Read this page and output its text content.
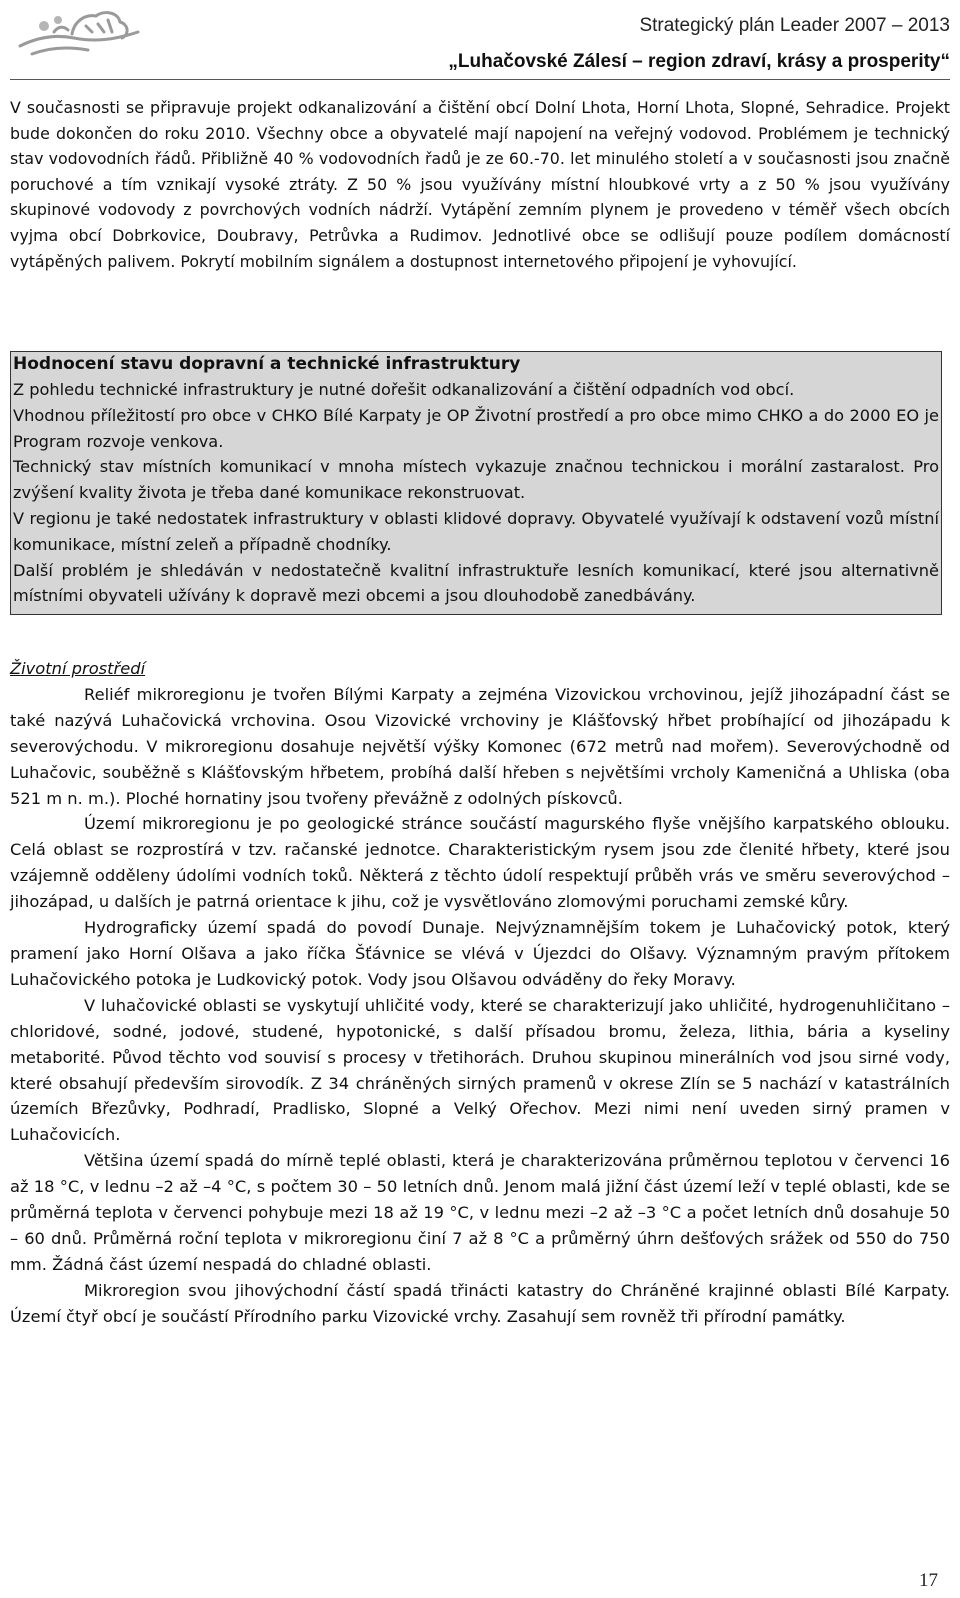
Strategický plán Leader 2007 – 2013
„Luhačovské Zálesí – region zdraví, krásy a prosperity“

V současnosti se připravuje projekt odkanalizování a čištění obcí Dolní Lhota, Horní Lhota, Slopné, Sehradice. Projekt bude dokončen do roku 2010. Všechny obce a obyvatelé mají napojení na veřejný vodovod. Problémem je technický stav vodovodních řádů. Přibližně 40 % vodovodních řadů je ze 60.-70. let minulého století a v současnosti jsou značně poruchové a tím vznikají vysoké ztráty. Z 50 % jsou využívány místní hloubkové vrty a z 50 % jsou využívány skupinové vodovody z povrchových vodních nádrží. Vytápění zemním plynem je provedeno v téměř všech obcích vyjma obcí Dobrkovice, Doubravy, Petrůvka a Rudimov. Jednotlivé obce se odlišují pouze podílem domácností vytápěných palivem. Pokrytí mobilním signálem a dostupnost internetového připojení je vyhovující.

Hodnocení stavu dopravní a technické infrastruktury

Z pohledu technické infrastruktury je nutné dořešit odkanalizování a čištění odpadních vod obcí.

Vhodnou příležitostí pro obce v CHKO Bílé Karpaty je OP Životní prostředí a pro obce mimo CHKO a do 2000 EO je Program rozvoje venkova.

Technický stav místních komunikací v mnoha místech vykazuje značnou technickou i morální zastaralost. Pro zvýšení kvality života je třeba dané komunikace rekonstruovat.

V regionu je také nedostatek infrastruktury v oblasti klidové dopravy. Obyvatelé využívají k odstavení vozů místní komunikace, místní zeleň a případně chodníky.

Další problém je shledáván v nedostatečně kvalitní infrastruktuře lesních komunikací, které jsou alternativně místními obyvateli užívány k dopravě mezi obcemi a jsou dlouhodobě zanedbávány.

Životní prostředí

Reliéf mikroregionu je tvořen Bílými Karpaty a zejména Vizovickou vrchovinou, jejíž jihozápadní část se také nazývá Luhačovická vrchovina. Osou Vizovické vrchoviny je Klášťovský hřbet probíhající od jihozápadu k severovýchodu. V mikroregionu dosahuje největší výšky Komonec (672 metrů nad mořem). Severovýchodně od Luhačovic, souběžně s Klášťovským hřbetem, probíhá další hřeben s největšími vrcholy Kameničná a Uhliska (oba 521 m n. m.). Ploché hornatiny jsou tvořeny převážně z odolných pískovců.

Území mikroregionu je po geologické stránce součástí magurského flyše vnějšího karpatského oblouku. Celá oblast se rozprostírá v tzv. račanské jednotce. Charakteristickým rysem jsou zde členité hřbety, které jsou vzájemně odděleny údolími vodních toků. Některá z těchto údolí respektují průběh vrás ve směru severovýchod – jihozápad, u dalších je patrná orientace k jihu, což je vysvětlováno zlomovými poruchami zemské kůry.

Hydrograficky území spadá do povodí Dunaje. Nejvýznamnějším tokem je Luhačovický potok, který pramení jako Horní Olšava a jako říčka Šťávnice se vlévá v Újezdci do Olšavy. Významným pravým přítokem Luhačovického potoka je Ludkovický potok. Vody jsou Olšavou odváděny do řeky Moravy.

V luhačovické oblasti se vyskytují uhličité vody, které se charakterizují jako uhličité, hydrogenuhličitano – chloridové, sodné, jodové, studené, hypotonické, s další přísadou bromu, železa, lithia, bária a kyseliny metaborité. Původ těchto vod souvisí s procesy v třetihorách. Druhou skupinou minerálních vod jsou sirné vody, které obsahují především sirovodík. Z 34 chráněných sirných pramenů v okrese Zlín se 5 nachází v katastrálních územích Březůvky, Podhradí, Pradlisko, Slopné a Velký Ořechov. Mezi nimi není uveden sirný pramen v Luhačovicích.

Většina území spadá do mírně teplé oblasti, která je charakterizována průměrnou teplotou v červenci 16 až 18 °C, v lednu –2 až –4 °C, s počtem 30 – 50 letních dnů. Jenom malá jižní část území leží v teplé oblasti, kde se průměrná teplota v červenci pohybuje mezi 18 až 19 °C, v lednu mezi –2 až –3 °C a počet letních dnů dosahuje 50 – 60 dnů. Průměrná roční teplota v mikroregionu činí 7 až 8 °C a průměrný úhrn dešťových srážek od 550 do 750 mm. Žádná část území nespadá do chladné oblasti.

Mikroregion svou jihovýchodní částí spadá třinácti katastry do Chráněné krajinné oblasti Bílé Karpaty. Území čtyř obcí je součástí Přírodního parku Vizovické vrchy. Zasahují sem rovněž tři přírodní památky.

17
